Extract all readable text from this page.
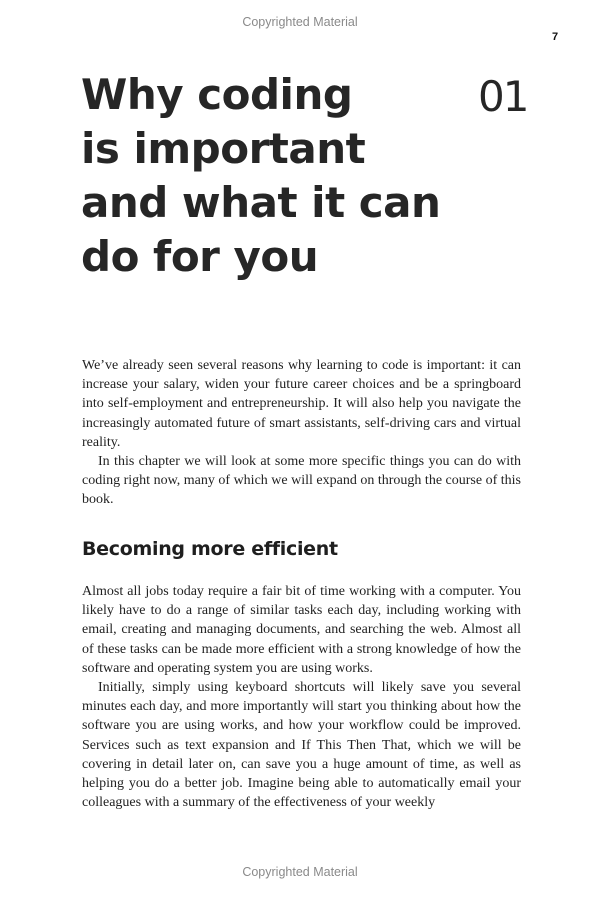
Copyrighted Material
7
Why coding
is important
and what it can
do for you
01

We’ve already seen several reasons why learning to code is important: it can increase your salary, widen your future career choices and be a springboard into self-employment and entrepreneurship. It will also help you navigate the increasingly automated future of smart assistants, self-driving cars and virtual reality.

In this chapter we will look at some more specific things you can do with coding right now, many of which we will expand on through the course of this book.

Becoming more efficient

Almost all jobs today require a fair bit of time working with a computer. You likely have to do a range of similar tasks each day, including working with email, creating and managing documents, and searching the web. Almost all of these tasks can be made more efficient with a strong knowledge of how the software and operating system you are using works.

Initially, simply using keyboard shortcuts will likely save you several minutes each day, and more importantly will start you thinking about how the software you are using works, and how your workflow could be improved. Services such as text expansion and If This Then That, which we will be covering in detail later on, can save you a huge amount of time, as well as helping you do a better job. Imagine being able to automatically email your colleagues with a summary of the effectiveness of your weekly

Copyrighted Material
